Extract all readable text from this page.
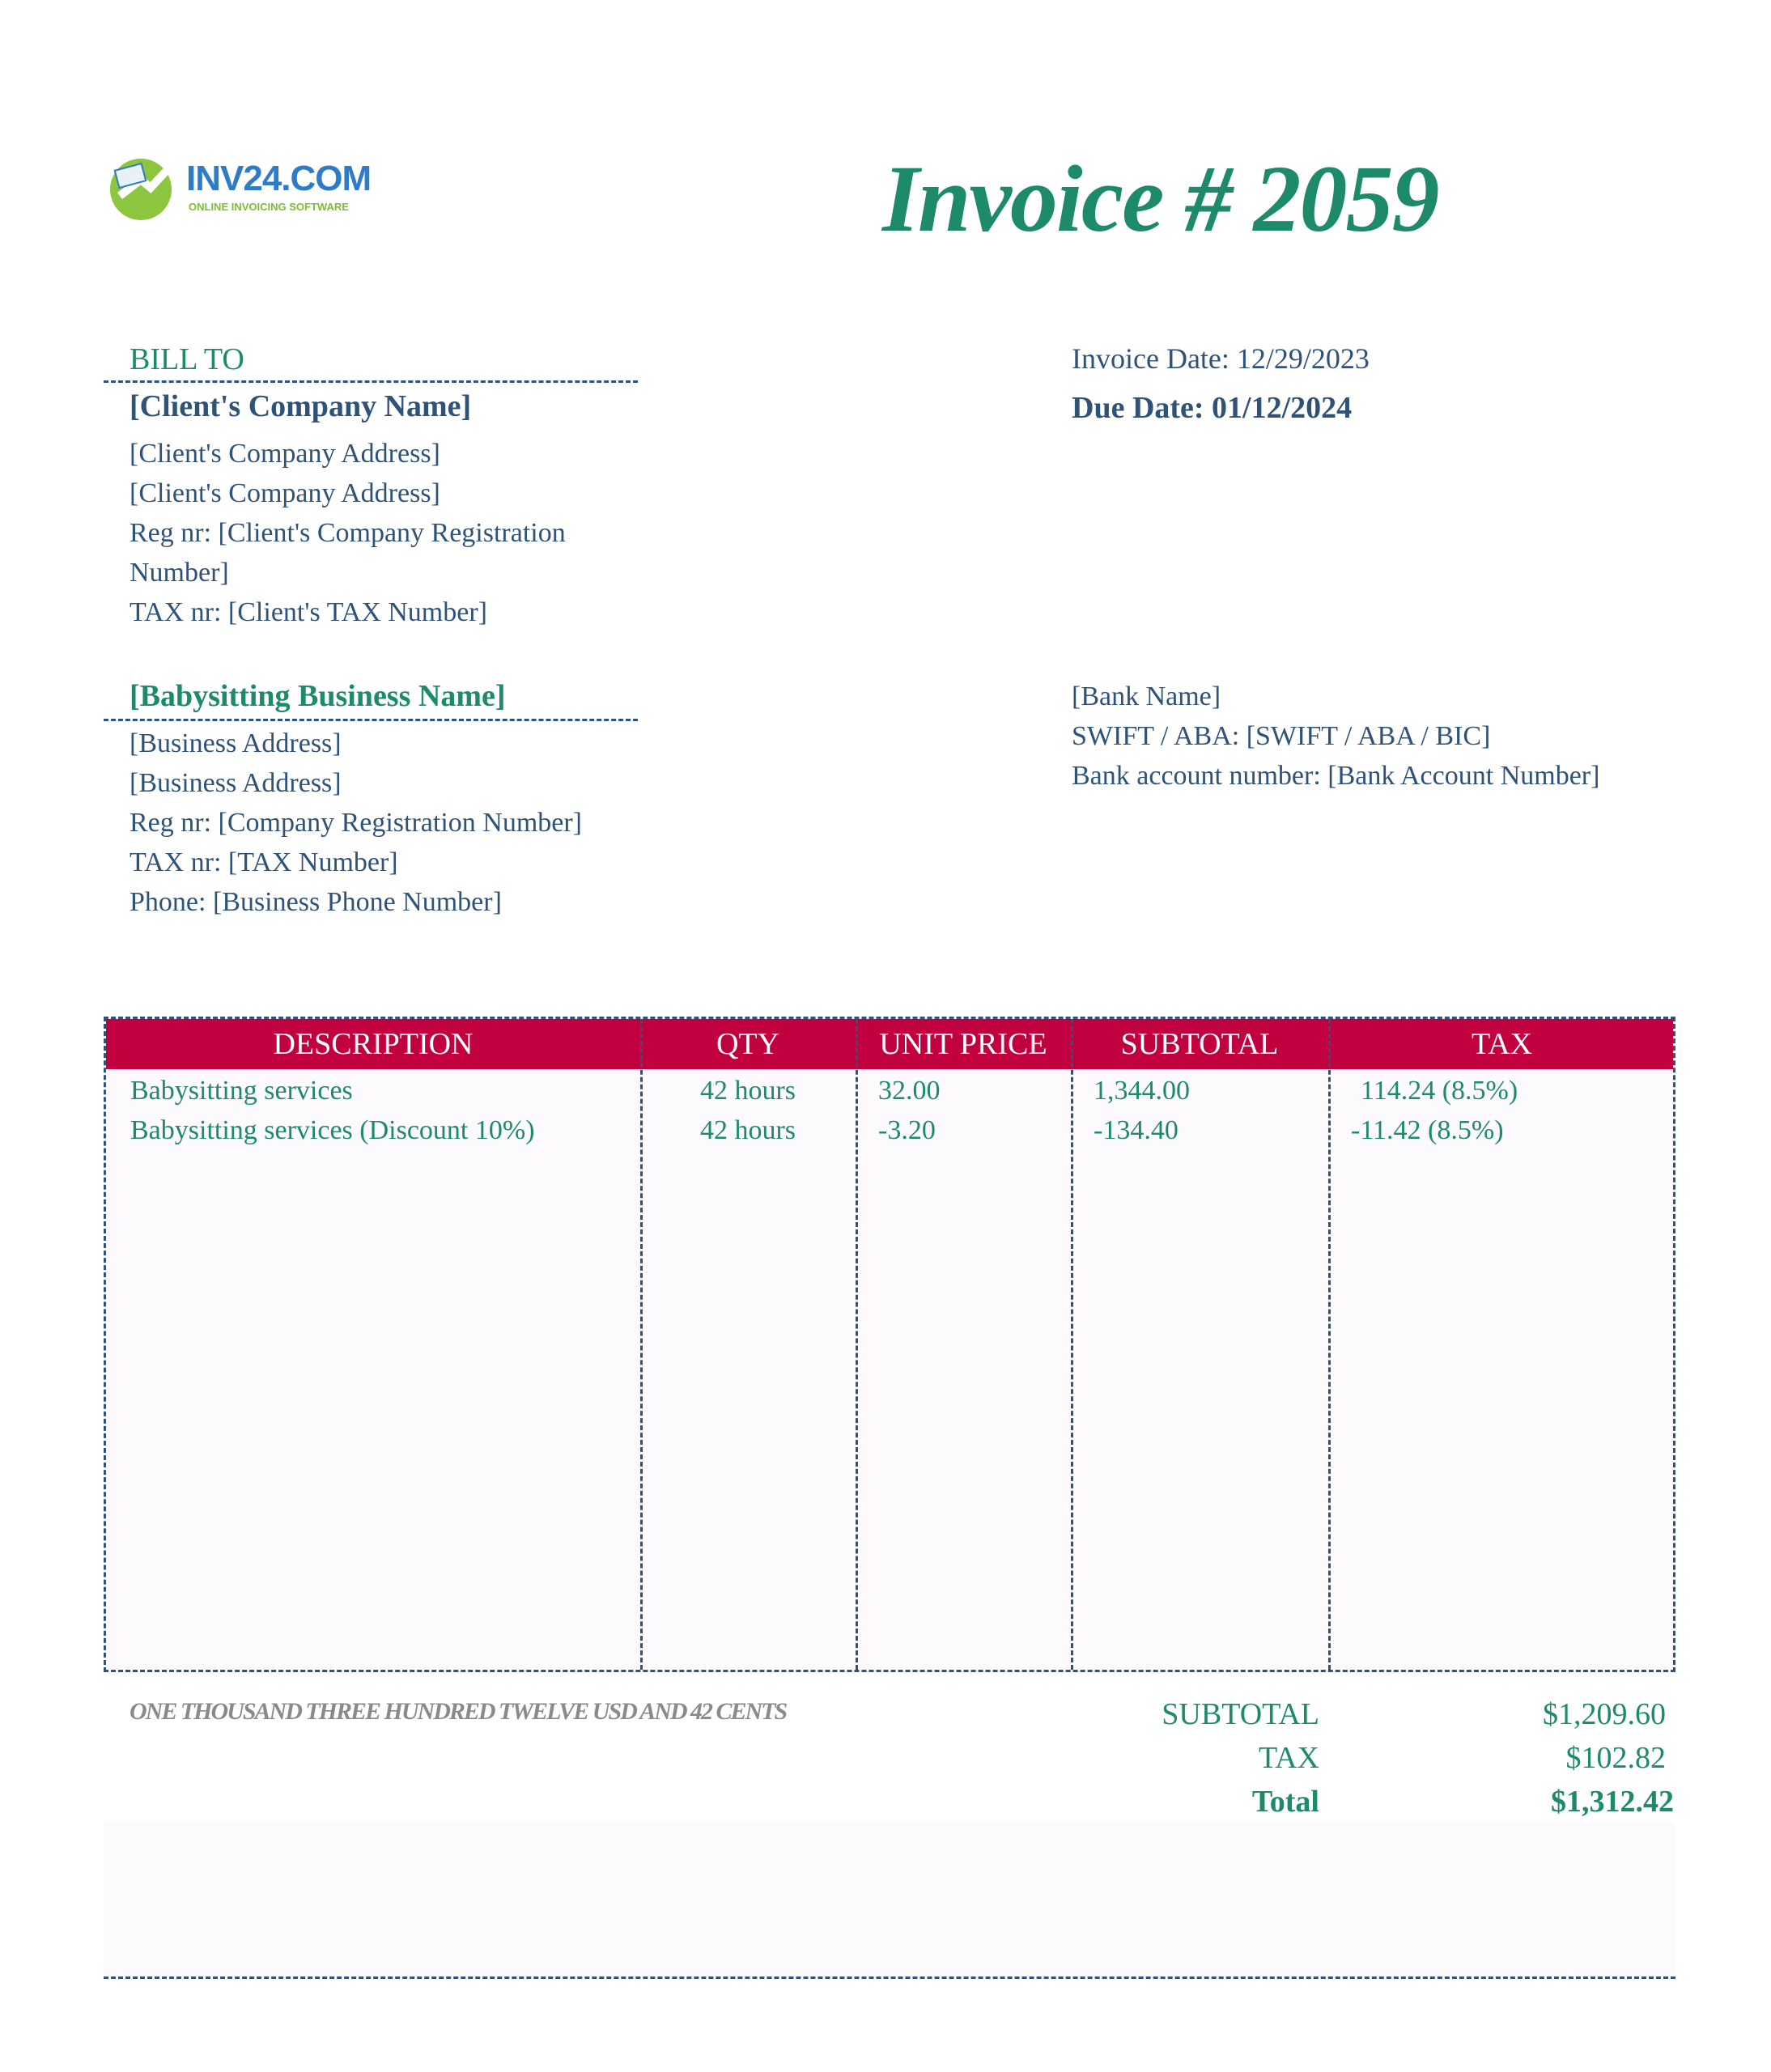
INV24.COM
ONLINE INVOICING SOFTWARE	Invoice # 2059
BILL TO
[Client's Company Name]
[Client's Company Address]
[Client's Company Address]
Reg nr: [Client's Company Registration
Number]
TAX nr: [Client's TAX Number]
Invoice Date: 12/29/2023
Due Date: 01/12/2024
[Babysitting Business Name]
[Business Address]
[Business Address]
Reg nr: [Company Registration Number]
TAX nr: [TAX Number]
Phone: [Business Phone Number]
[Bank Name]
SWIFT / ABA: [SWIFT / ABA / BIC]
Bank account number: [Bank Account Number]
DESCRIPTION	QTY	UNIT PRICE	SUBTOTAL	TAX
Babysitting services	42 hours	32.00	1,344.00	114.24 (8.5%)
Babysitting services (Discount 10%)	42 hours	-3.20	-134.40	-11.42 (8.5%)
ONE THOUSAND THREE HUNDRED TWELVE USD AND 42 CENTS	SUBTOTAL	$1,209.60
TAX	$102.82
Total	$1,312.42
